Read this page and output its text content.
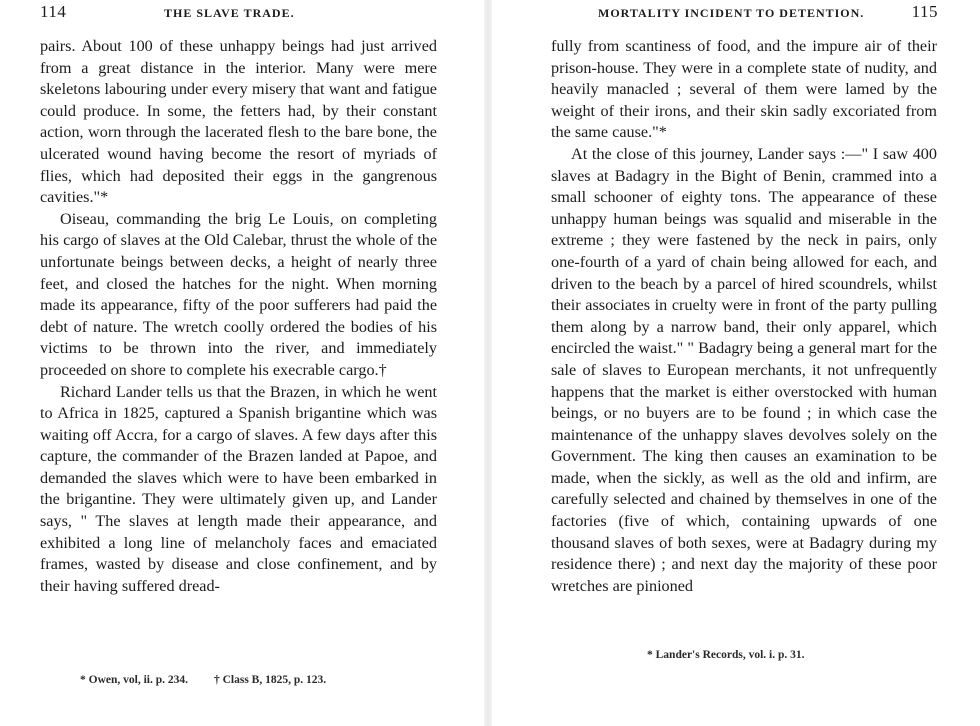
114	THE SLAVE TRADE.

pairs. About 100 of these unhappy beings had just arrived from a great distance in the interior. Many were mere skeletons labouring under every misery that want and fatigue could produce. In some, the fetters had, by their constant action, worn through the lacerated flesh to the bare bone, the ulcerated wound having become the resort of myriads of flies, which had deposited their eggs in the gangrenous cavities."*

Oiseau, commanding the brig Le Louis, on completing his cargo of slaves at the Old Calebar, thrust the whole of the unfortunate beings between decks, a height of nearly three feet, and closed the hatches for the night. When morning made its appearance, fifty of the poor sufferers had paid the debt of nature. The wretch coolly ordered the bodies of his victims to be thrown into the river, and immediately proceeded on shore to complete his execrable cargo.†

Richard Lander tells us that the Brazen, in which he went to Africa in 1825, captured a Spanish brigantine which was waiting off Accra, for a cargo of slaves. A few days after this capture, the commander of the Brazen landed at Papoe, and demanded the slaves which were to have been embarked in the brigantine. They were ultimately given up, and Lander says, " The slaves at length made their appearance, and exhibited a long line of melancholy faces and emaciated frames, wasted by disease and close confinement, and by their having suffered dread-

* Owen, vol, ii. p. 234. † Class B, 1825, p. 123.
MORTALITY INCIDENT TO DETENTION.	115

fully from scantiness of food, and the impure air of their prison-house. They were in a complete state of nudity, and heavily manacled ; several of them were lamed by the weight of their irons, and their skin sadly excoriated from the same cause."*

At the close of this journey, Lander says :—" I saw 400 slaves at Badagry in the Bight of Benin, crammed into a small schooner of eighty tons. The appearance of these unhappy human beings was squalid and miserable in the extreme ; they were fastened by the neck in pairs, only one-fourth of a yard of chain being allowed for each, and driven to the beach by a parcel of hired scoundrels, whilst their associates in cruelty were in front of the party pulling them along by a narrow band, their only apparel, which encircled the waist." " Badagry being a general mart for the sale of slaves to European merchants, it not unfrequently happens that the market is either overstocked with human beings, or no buyers are to be found ; in which case the maintenance of the unhappy slaves devolves solely on the Government. The king then causes an examination to be made, when the sickly, as well as the old and infirm, are carefully selected and chained by themselves in one of the factories (five of which, containing upwards of one thousand slaves of both sexes, were at Badagry during my residence there) ; and next day the majority of these poor wretches are pinioned

* Lander's Records, vol. i. p. 31.
